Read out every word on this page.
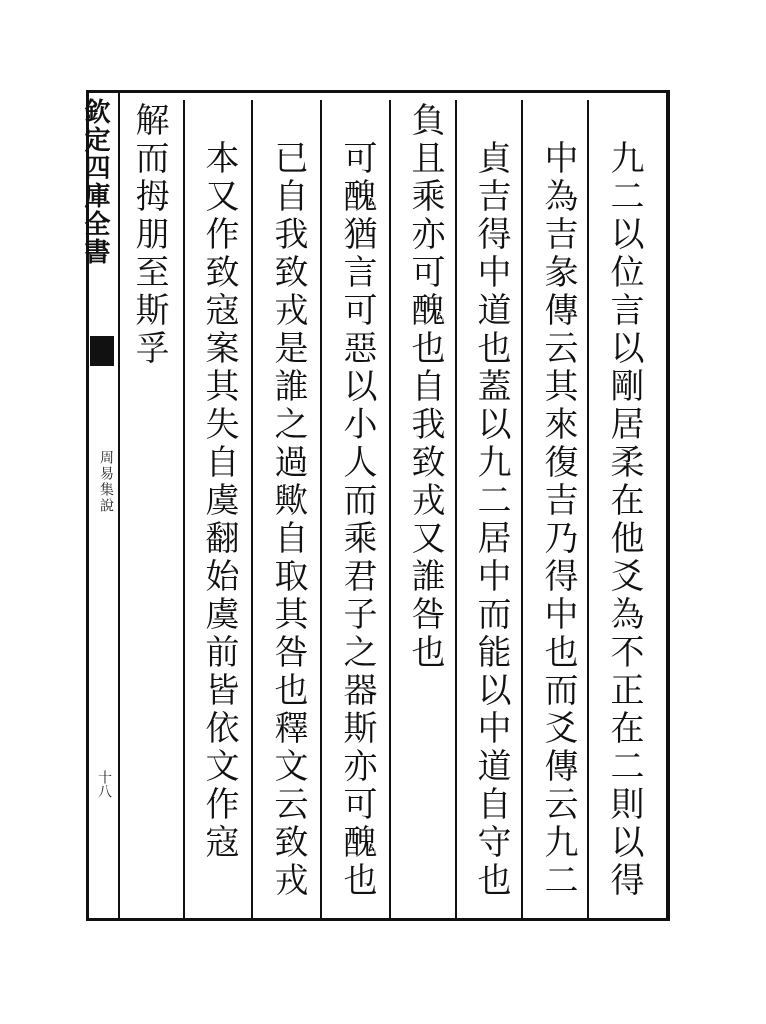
欽定四庫全書
周易集說
十八	九二以位言以剛居柔在他爻為不正在二則以得
中為吉彖傳云其來復吉乃得中也而爻傳云九二
貞吉得中道也蓋以九二居中而能以中道自守也
負且乘亦可醜也自我致戎又誰咎也
可醜猶言可惡以小人而乘君子之器斯亦可醜也
已自我致戎是誰之過歟自取其咎也釋文云致戎
本又作致寇案其失自虞翻始虞前皆依文作寇
解而拇朋至斯孚
